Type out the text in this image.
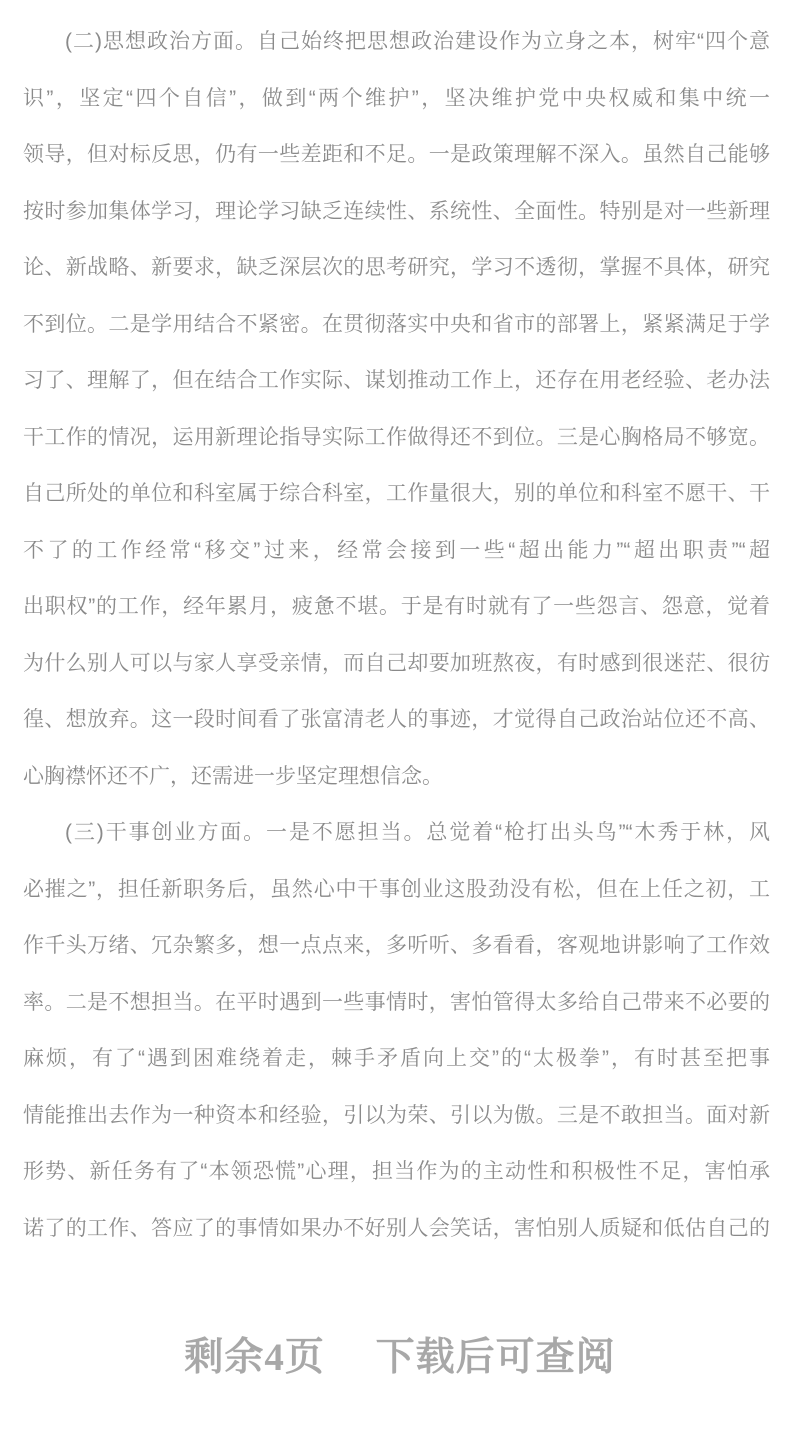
(二)思想政治方面。自己始终把思想政治建设作为立身之本，树牢“四个意
识”，坚定“四个自信”，做到“两个维护”，坚决维护党中央权威和集中统一
领导，但对标反思，仍有一些差距和不足。一是政策理解不深入。虽然自己能够
按时参加集体学习，理论学习缺乏连续性、系统性、全面性。特别是对一些新理
论、新战略、新要求，缺乏深层次的思考研究，学习不透彻，掌握不具体，研究
不到位。二是学用结合不紧密。在贯彻落实中央和省市的部署上，紧紧满足于学
习了、理解了，但在结合工作实际、谋划推动工作上，还存在用老经验、老办法
干工作的情况，运用新理论指导实际工作做得还不到位。三是心胸格局不够宽。
自己所处的单位和科室属于综合科室，工作量很大，别的单位和科室不愿干、干
不了的工作经常“移交”过来，经常会接到一些“超出能力”“超出职责”“超
出职权”的工作，经年累月，疲惫不堪。于是有时就有了一些怨言、怨意，觉着
为什么别人可以与家人享受亲情，而自己却要加班熬夜，有时感到很迷茫、很彷
徨、想放弃。这一段时间看了张富清老人的事迹，才觉得自己政治站位还不高、
心胸襟怀还不广，还需进一步坚定理想信念。
(三)干事创业方面。一是不愿担当。总觉着“枪打出头鸟”“木秀于林，风
必摧之”，担任新职务后，虽然心中干事创业这股劲没有松，但在上任之初，工
作千头万绪、冗杂繁多，想一点点来，多听听、多看看，客观地讲影响了工作效
率。二是不想担当。在平时遇到一些事情时，害怕管得太多给自己带来不必要的
麻烦，有了“遇到困难绕着走，棘手矛盾向上交”的“太极拳”，有时甚至把事
情能推出去作为一种资本和经验，引以为荣、引以为傲。三是不敢担当。面对新
形势、新任务有了“本领恐慌”心理，担当作为的主动性和积极性不足，害怕承
诺了的工作、答应了的事情如果办不好别人会笑话，害怕别人质疑和低估自己的
剩余4页 下载后可查阅
